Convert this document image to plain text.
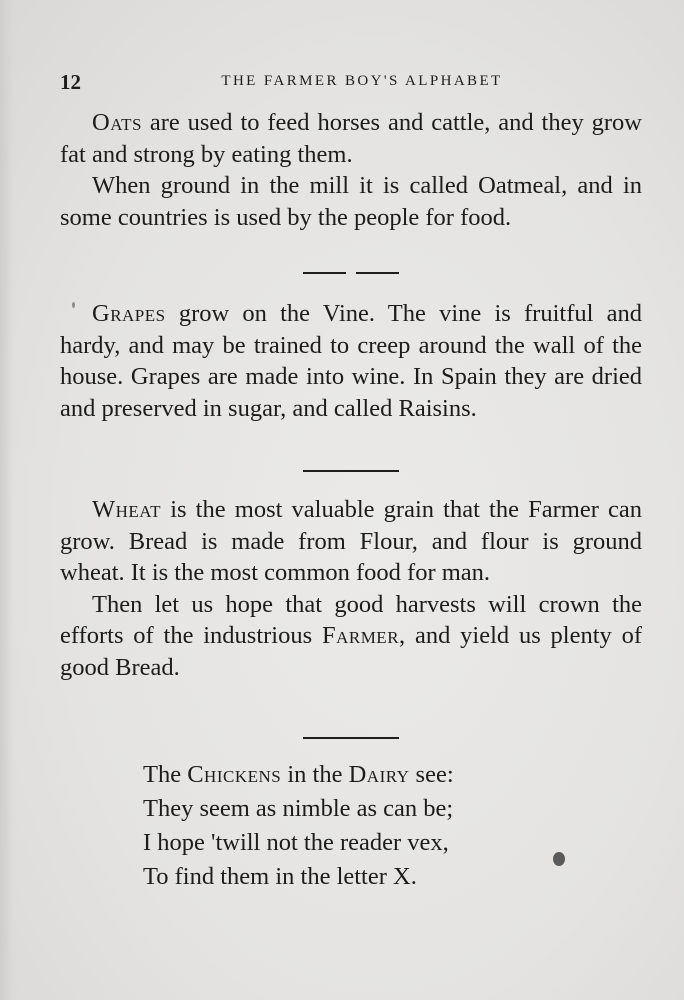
12	THE FARMER BOY'S ALPHABET

Oats are used to feed horses and cattle, and they grow fat and strong by eating them.

When ground in the mill it is called Oatmeal, and in some countries is used by the people for food.

Grapes grow on the Vine. The vine is fruitful and hardy, and may be trained to creep around the wall of the house. Grapes are made into wine. In Spain they are dried and preserved in sugar, and called Raisins.

Wheat is the most valuable grain that the Farmer can grow. Bread is made from Flour, and flour is ground wheat. It is the most common food for man.

Then let us hope that good harvests will crown the efforts of the industrious Farmer, and yield us plenty of good Bread.

The Chickens in the Dairy see:
They seem as nimble as can be;
I hope 'twill not the reader vex,
To find them in the letter X.
